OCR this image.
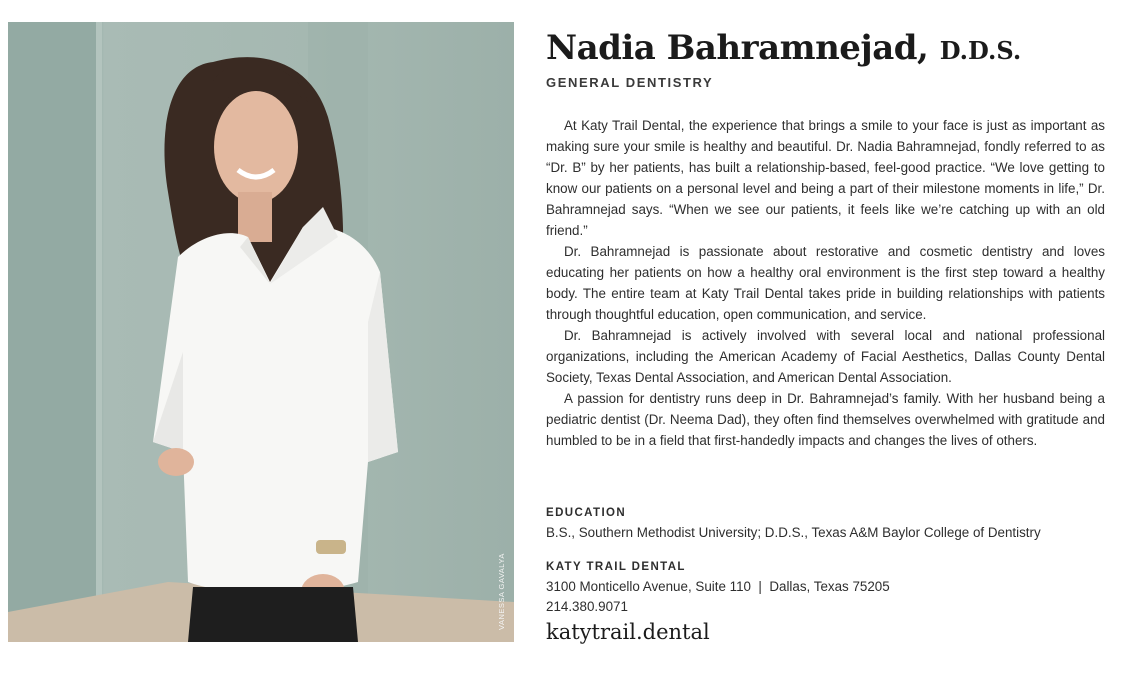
VANESSA GAVALYA
Nadia Bahramnejad, D.D.S.
GENERAL DENTISTRY

At Katy Trail Dental, the experience that brings a smile to your face is just as important as making sure your smile is healthy and beautiful. Dr. Nadia Bahramnejad, fondly referred to as “Dr. B” by her patients, has built a relationship-based, feel-good practice. “We love getting to know our patients on a personal level and being a part of their milestone moments in life,” Dr. Bahramnejad says. “When we see our patients, it feels like we’re catching up with an old friend.”

Dr. Bahramnejad is passionate about restorative and cosmetic dentistry and loves educating her patients on how a healthy oral environment is the first step toward a healthy body. The entire team at Katy Trail Dental takes pride in building relationships with patients through thoughtful education, open communication, and service.

Dr. Bahramnejad is actively involved with several local and national professional organizations, including the American Academy of Facial Aesthetics, Dallas County Dental Society, Texas Dental Association, and American Dental Association.

A passion for dentistry runs deep in Dr. Bahramnejad’s family. With her husband being a pediatric dentist (Dr. Neema Dad), they often find themselves overwhelmed with gratitude and humbled to be in a field that first-handedly impacts and changes the lives of others.

EDUCATION
B.S., Southern Methodist University; D.D.S., Texas A&M Baylor College of Dentistry
KATY TRAIL DENTAL
3100 Monticello Avenue, Suite 110  |  Dallas, Texas 75205
214.380.9071
katytrail.dental
